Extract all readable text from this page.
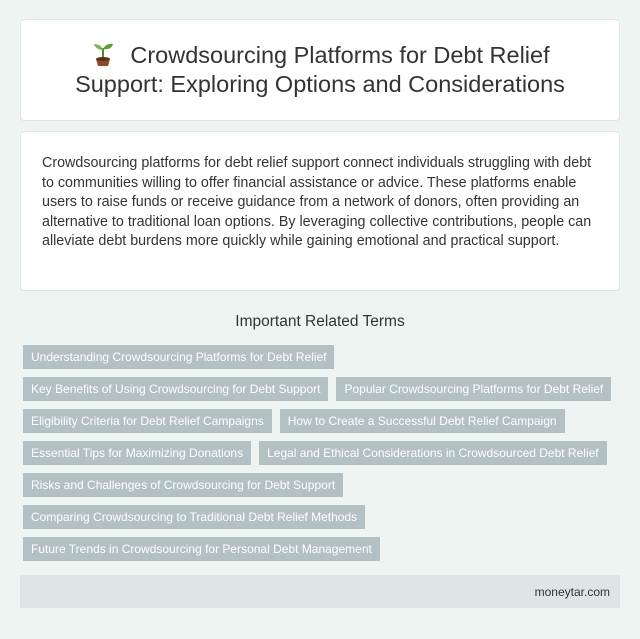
Crowdsourcing Platforms for Debt Relief Support: Exploring Options and Considerations

Crowdsourcing platforms for debt relief support connect individuals struggling with debt to communities willing to offer financial assistance or advice. These platforms enable users to raise funds or receive guidance from a network of donors, often providing an alternative to traditional loan options. By leveraging collective contributions, people can alleviate debt burdens more quickly while gaining emotional and practical support.

Important Related Terms
Understanding Crowdsourcing Platforms for Debt Relief
Key Benefits of Using Crowdsourcing for Debt Support	Popular Crowdsourcing Platforms for Debt Relief
Eligibility Criteria for Debt Relief Campaigns	How to Create a Successful Debt Relief Campaign
Essential Tips for Maximizing Donations	Legal and Ethical Considerations in Crowdsourced Debt Relief
Risks and Challenges of Crowdsourcing for Debt Support
Comparing Crowdsourcing to Traditional Debt Relief Methods
Future Trends in Crowdsourcing for Personal Debt Management
moneytar.com
